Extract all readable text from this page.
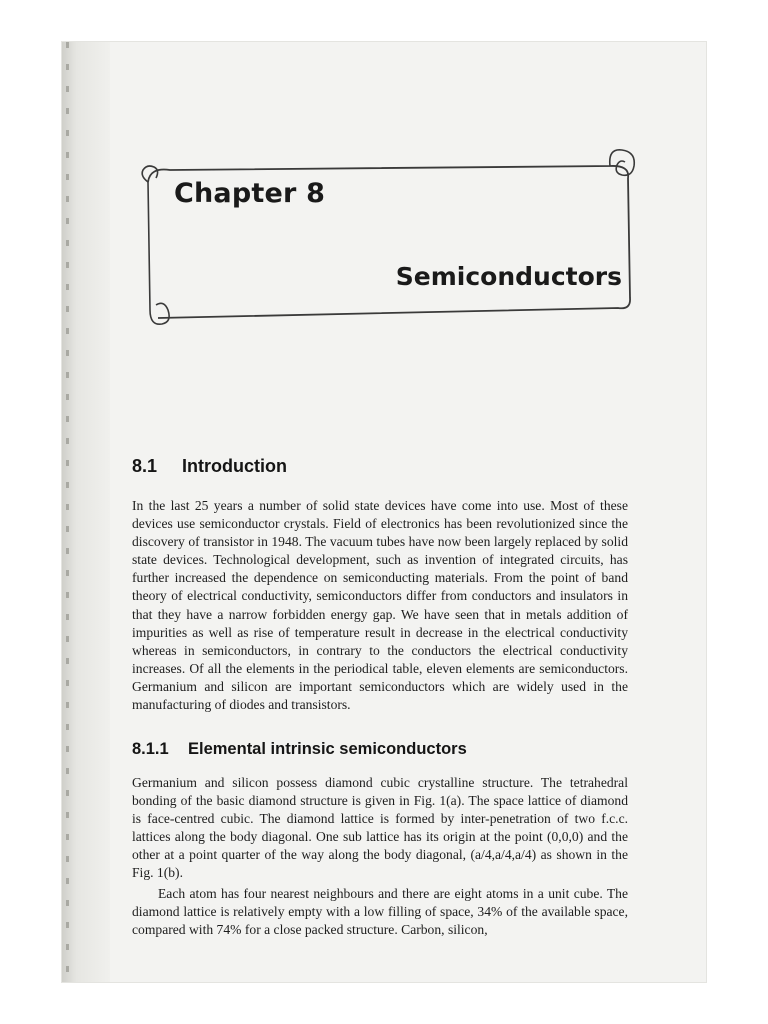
Chapter 8
Semiconductors
8.1 Introduction

In the last 25 years a number of solid state devices have come into use. Most of these devices use semiconductor crystals. Field of electronics has been revolutionized since the discovery of transistor in 1948. The vacuum tubes have now been largely replaced by solid state devices. Technological development, such as invention of integrated circuits, has further increased the dependence on semiconducting materials. From the point of band theory of electrical conductivity, semiconductors differ from conductors and insulators in that they have a narrow forbidden energy gap. We have seen that in metals addition of impurities as well as rise of temperature result in decrease in the electrical conductivity whereas in semiconductors, in contrary to the conductors the electrical conductivity increases. Of all the elements in the periodical table, eleven elements are semiconductors. Germanium and silicon are important semiconductors which are widely used in the manufacturing of diodes and transistors.

8.1.1 Elemental intrinsic semiconductors

Germanium and silicon possess diamond cubic crystalline structure. The tetrahedral bonding of the basic diamond structure is given in Fig. 1(a). The space lattice of diamond is face-centred cubic. The diamond lattice is formed by inter-penetration of two f.c.c. lattices along the body diagonal. One sub lattice has its origin at the point (0,0,0) and the other at a point quarter of the way along the body diagonal, (a/4,a/4,a/4) as shown in the Fig. 1(b).

Each atom has four nearest neighbours and there are eight atoms in a unit cube. The diamond lattice is relatively empty with a low filling of space, 34% of the available space, compared with 74% for a close packed structure. Carbon, silicon,
